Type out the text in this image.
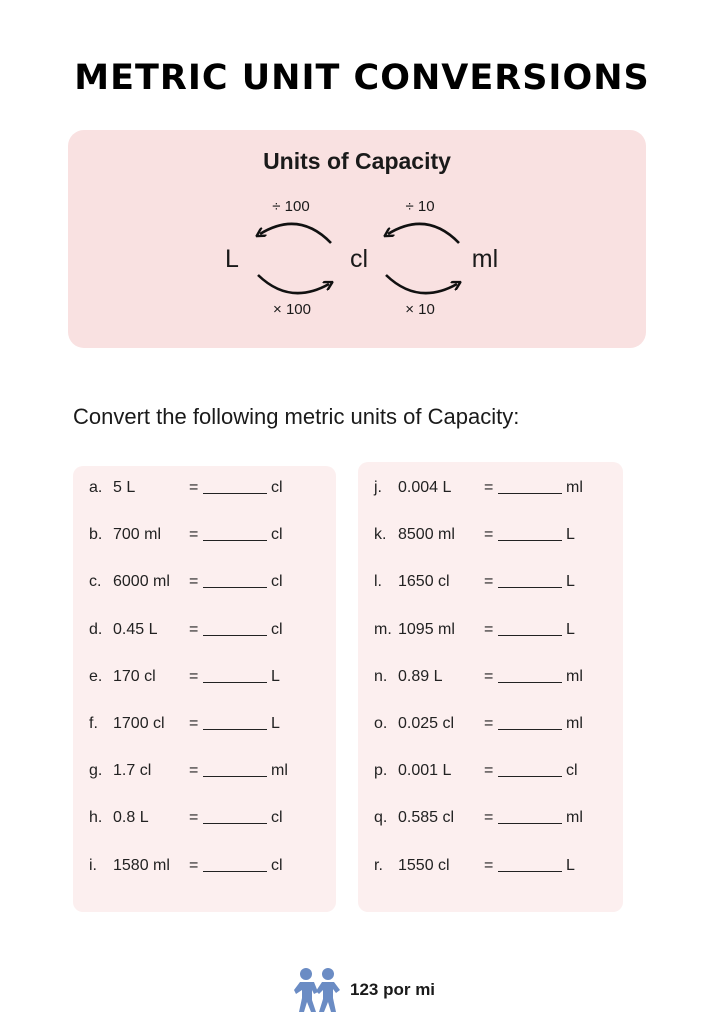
METRIC UNIT CONVERSIONS
Units of Capacity
÷ 100	÷ 10
L	cl	ml
× 100	× 10
Convert the following metric units of Capacity:
a. 5 L	=	cl
b. 700 ml =	cl
c. 6000 ml =	cl
d. 0.45 L =	cl
e. 170 cl =	L
f. 1700 cl =	L
g. 1.7 cl =	ml
h. 0.8 L	=	cl
i. 1580 ml =	cl
j. 0.004 L =	ml
k. 8500 ml =	L
l. 1650 cl =	L
m. 1095 ml =	L
n. 0.89 L	=	ml
o. 0.025 cl =	ml
p. 0.001 L =	cl
q. 0.585 cl =	ml
r. 1550 cl =	L
123 por mi
